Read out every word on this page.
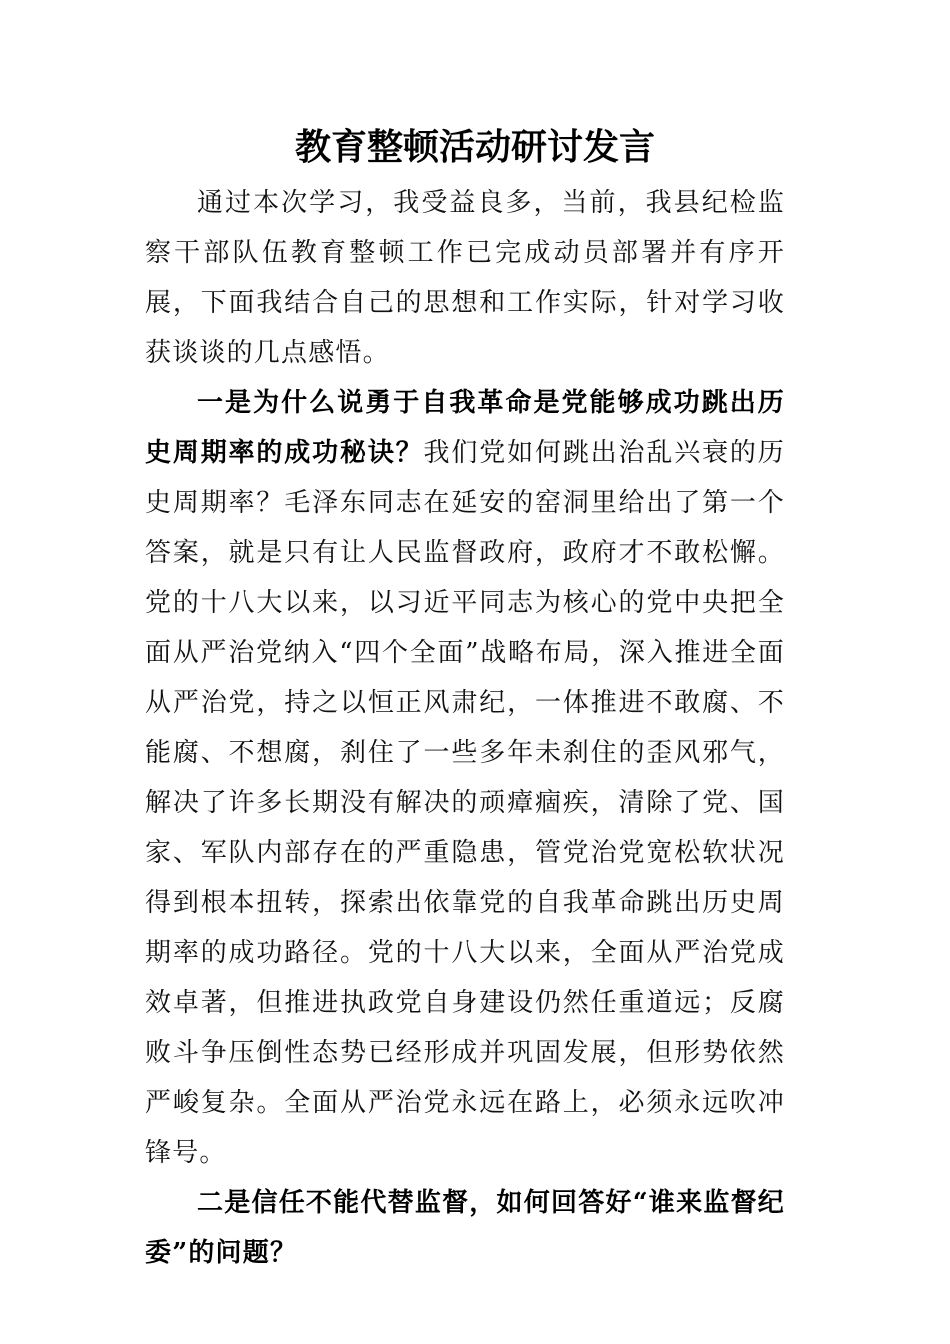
教育整顿活动研讨发言

通过本次学习，我受益良多，当前，我县纪检监察干部队伍教育整顿工作已完成动员部署并有序开展，下面我结合自己的思想和工作实际，针对学习收获谈谈的几点感悟。

一是为什么说勇于自我革命是党能够成功跳出历史周期率的成功秘诀？我们党如何跳出治乱兴衰的历史周期率？毛泽东同志在延安的窑洞里给出了第一个答案，就是只有让人民监督政府，政府才不敢松懈。党的十八大以来，以习近平同志为核心的党中央把全面从严治党纳入“四个全面”战略布局，深入推进全面从严治党，持之以恒正风肃纪，一体推进不敢腐、不能腐、不想腐，刹住了一些多年未刹住的歪风邪气，解决了许多长期没有解决的顽瘴痼疾，清除了党、国家、军队内部存在的严重隐患，管党治党宽松软状况得到根本扭转，探索出依靠党的自我革命跳出历史周期率的成功路径。党的十八大以来，全面从严治党成效卓著，但推进执政党自身建设仍然任重道远；反腐败斗争压倒性态势已经形成并巩固发展，但形势依然严峻复杂。全面从严治党永远在路上，必须永远吹冲锋号。

二是信任不能代替监督，如何回答好“谁来监督纪委”的问题？
